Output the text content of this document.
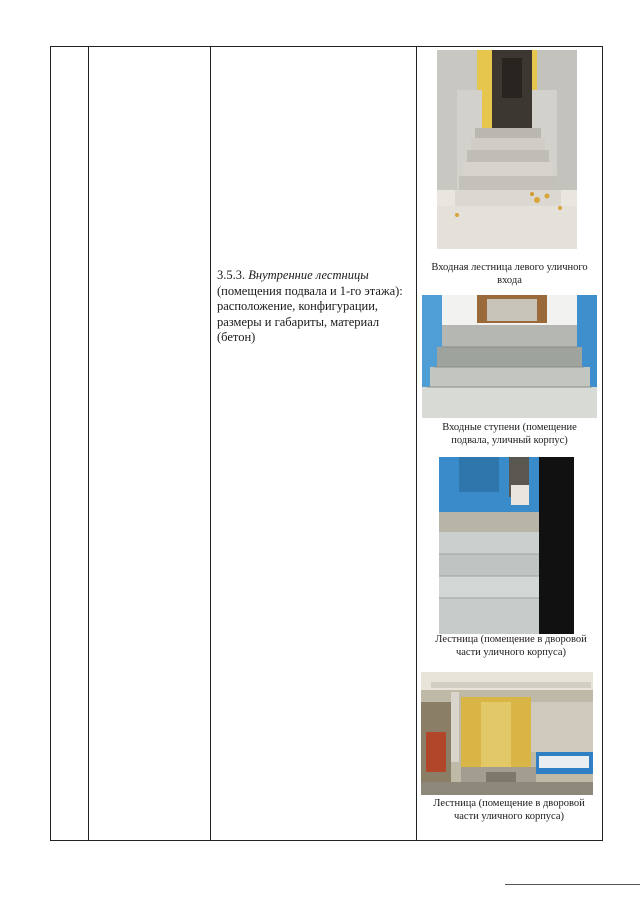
3.5.3. Внутренние лестницы (помещения подвала и 1-го этажа): расположение, конфигурации, размеры и габариты, материал (бетон)
Входная лестница левого уличного входа
Входные ступени (помещение подвала, уличный корпус)
Лестница (помещение в дворовой части уличного корпуса)
Лестница (помещение в дворовой части уличного корпуса)
